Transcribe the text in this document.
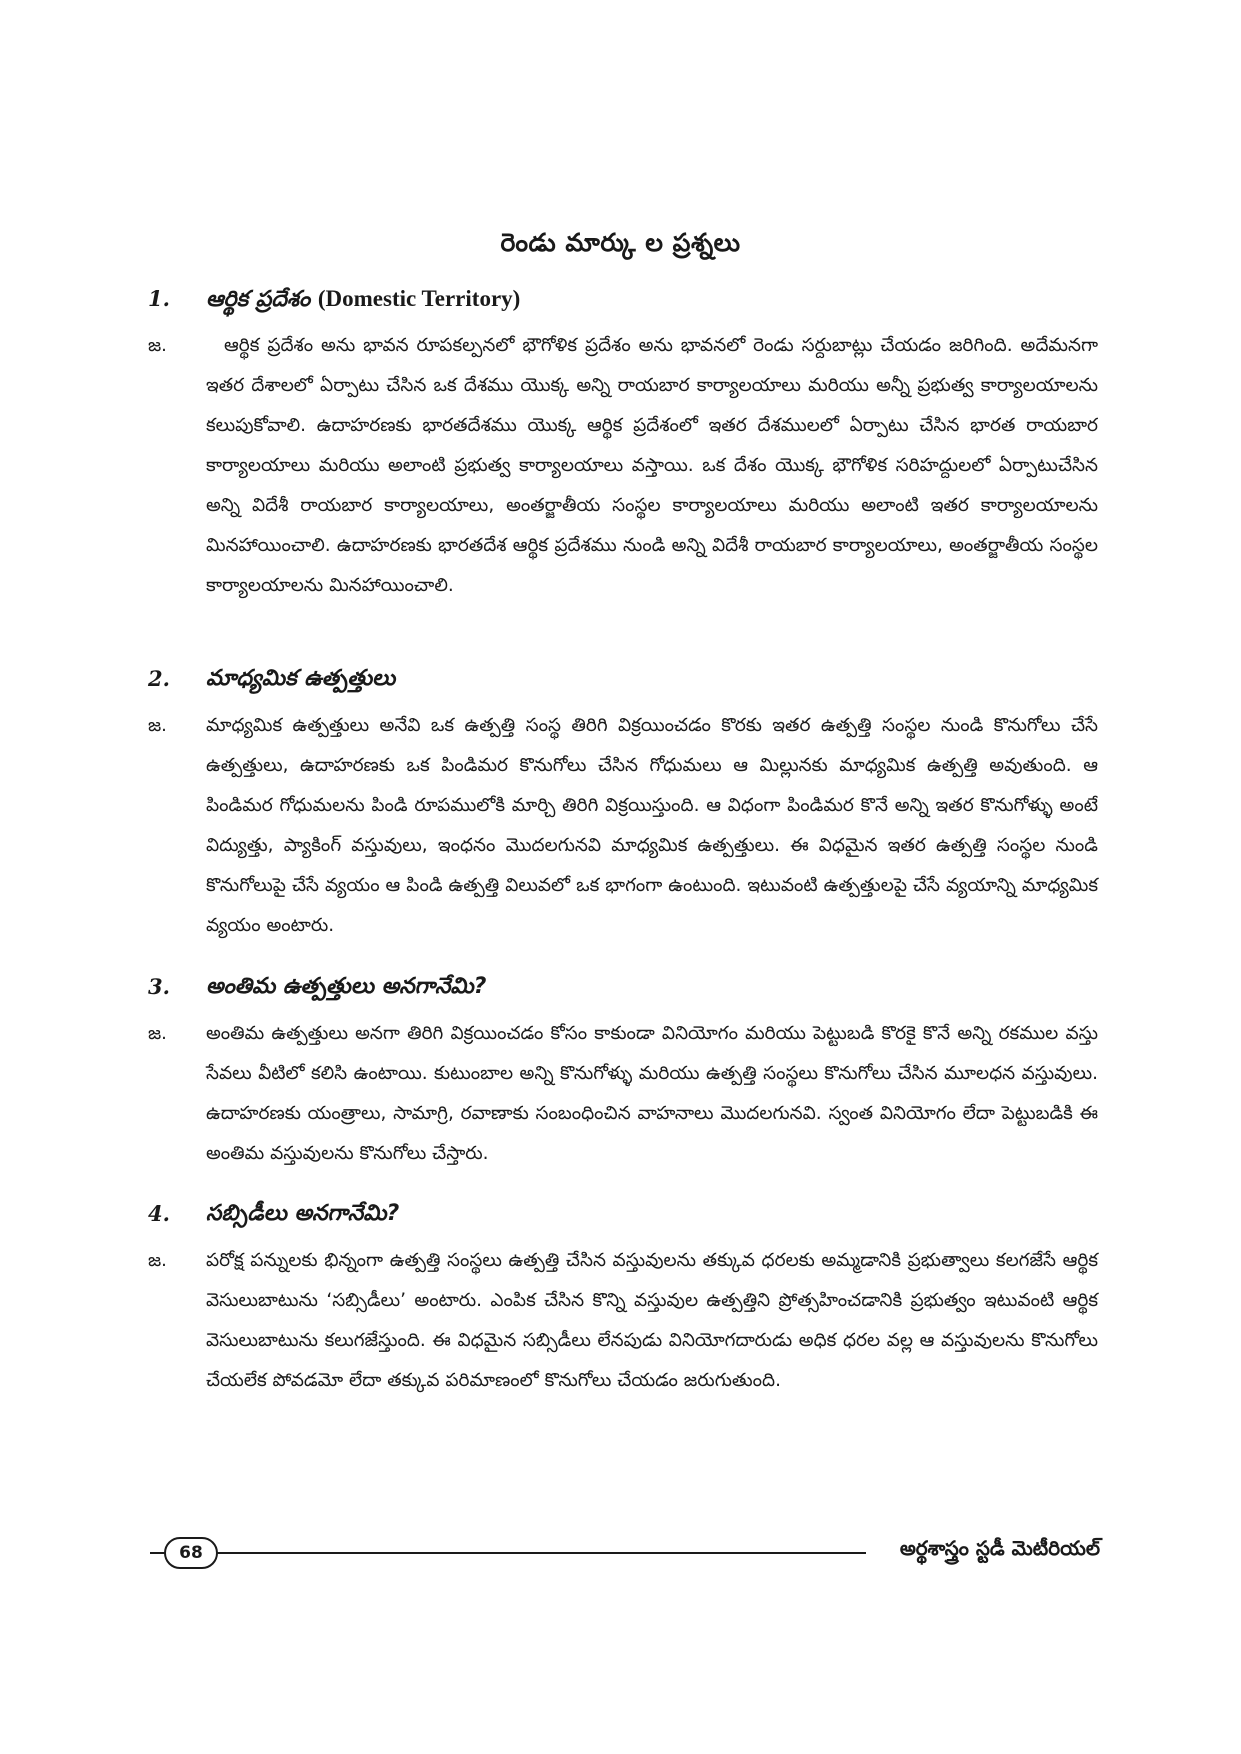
రెండు మార్కు ల ప్రశ్నలు
1. ఆర్థిక ప్రదేశం (Domestic Territory)
జ.	ఆర్థిక ప్రదేశం అను భావన రూపకల్పనలో భౌగోళిక ప్రదేశం అను భావనలో రెండు సర్దుబాట్లు చేయడం జరిగింది. అదేమనగా ఇతర దేశాలలో ఏర్పాటు చేసిన ఒక దేశము యొక్క అన్ని రాయబార కార్యాలయాలు మరియు అన్నీ ప్రభుత్వ కార్యాలయాలను కలుపుకోవాలి. ఉదాహరణకు భారతదేశము యొక్క ఆర్థిక ప్రదేశంలో ఇతర దేశములలో ఏర్పాటు చేసిన భారత రాయబార కార్యాలయాలు మరియు అలాంటి ప్రభుత్వ కార్యాలయాలు వస్తాయి. ఒక దేశం యొక్క భౌగోళిక సరిహద్దులలో ఏర్పాటుచేసిన అన్ని విదేశీ రాయబార కార్యాలయాలు, అంతర్జాతీయ సంస్థల కార్యాలయాలు మరియు అలాంటి ఇతర కార్యాలయాలను మినహాయించాలి. ఉదాహరణకు భారతదేశ ఆర్థిక ప్రదేశము నుండి అన్ని విదేశీ రాయబార కార్యాలయాలు, అంతర్జాతీయ సంస్థల కార్యాలయాలను మినహాయించాలి.

2. మాధ్యమిక ఉత్పత్తులు
జ. మాధ్యమిక ఉత్పత్తులు అనేవి ఒక ఉత్పత్తి సంస్థ తిరిగి విక్రయించడం కొరకు ఇతర ఉత్పత్తి సంస్థల నుండి కొనుగోలు చేసే ఉత్పత్తులు, ఉదాహరణకు ఒక పిండిమర కొనుగోలు చేసిన గోధుమలు ఆ మిల్లునకు మాధ్యమిక ఉత్పత్తి అవుతుంది. ఆ పిండిమర గోధుమలను పిండి రూపములోకి మార్చి తిరిగి విక్రయిస్తుంది. ఆ విధంగా పిండిమర కొనే అన్ని ఇతర కొనుగోళ్ళు అంటే విద్యుత్తు, ప్యాకింగ్ వస్తువులు, ఇంధనం మొదలగునవి మాధ్యమిక ఉత్పత్తులు. ఈ విధమైన ఇతర ఉత్పత్తి సంస్థల నుండి కొనుగోలుపై చేసే వ్యయం ఆ పిండి ఉత్పత్తి విలువలో ఒక భాగంగా ఉంటుంది. ఇటువంటి ఉత్పత్తులపై చేసే వ్యయాన్ని మాధ్యమిక వ్యయం అంటారు.

3. అంతిమ ఉత్పత్తులు అనగానేమి?
జ. అంతిమ ఉత్పత్తులు అనగా తిరిగి విక్రయించడం కోసం కాకుండా వినియోగం మరియు పెట్టుబడి కొరకై కొనే అన్ని రకముల వస్తు సేవలు వీటిలో కలిసి ఉంటాయి. కుటుంబాల అన్ని కొనుగోళ్ళు మరియు ఉత్పత్తి సంస్థలు కొనుగోలు చేసిన మూలధన వస్తువులు. ఉదాహరణకు యంత్రాలు, సామాగ్రి, రవాణాకు సంబంధించిన వాహనాలు మొదలగునవి. స్వంత వినియోగం లేదా పెట్టుబడికి ఈ అంతిమ వస్తువులను కొనుగోలు చేస్తారు.

4. సబ్సిడీలు అనగానేమి?
జ. పరోక్ష పన్నులకు భిన్నంగా ఉత్పత్తి సంస్థలు ఉత్పత్తి చేసిన వస్తువులను తక్కువ ధరలకు అమ్మడానికి ప్రభుత్వాలు కలగజేసే ఆర్థిక వెసులుబాటును ‘సబ్సిడీలు’ అంటారు. ఎంపిక చేసిన కొన్ని వస్తువుల ఉత్పత్తిని ప్రోత్సహించడానికి ప్రభుత్వం ఇటువంటి ఆర్థిక వెసులుబాటును కలుగజేస్తుంది. ఈ విధమైన సబ్సిడీలు లేనపుడు వినియోగదారుడు అధిక ధరల వల్ల ఆ వస్తువులను కొనుగోలు చేయలేక పోవడమో లేదా తక్కువ పరిమాణంలో కొనుగోలు చేయడం జరుగుతుంది.

68	అర్థశాస్త్రం స్టడీ మెటీరియల్
